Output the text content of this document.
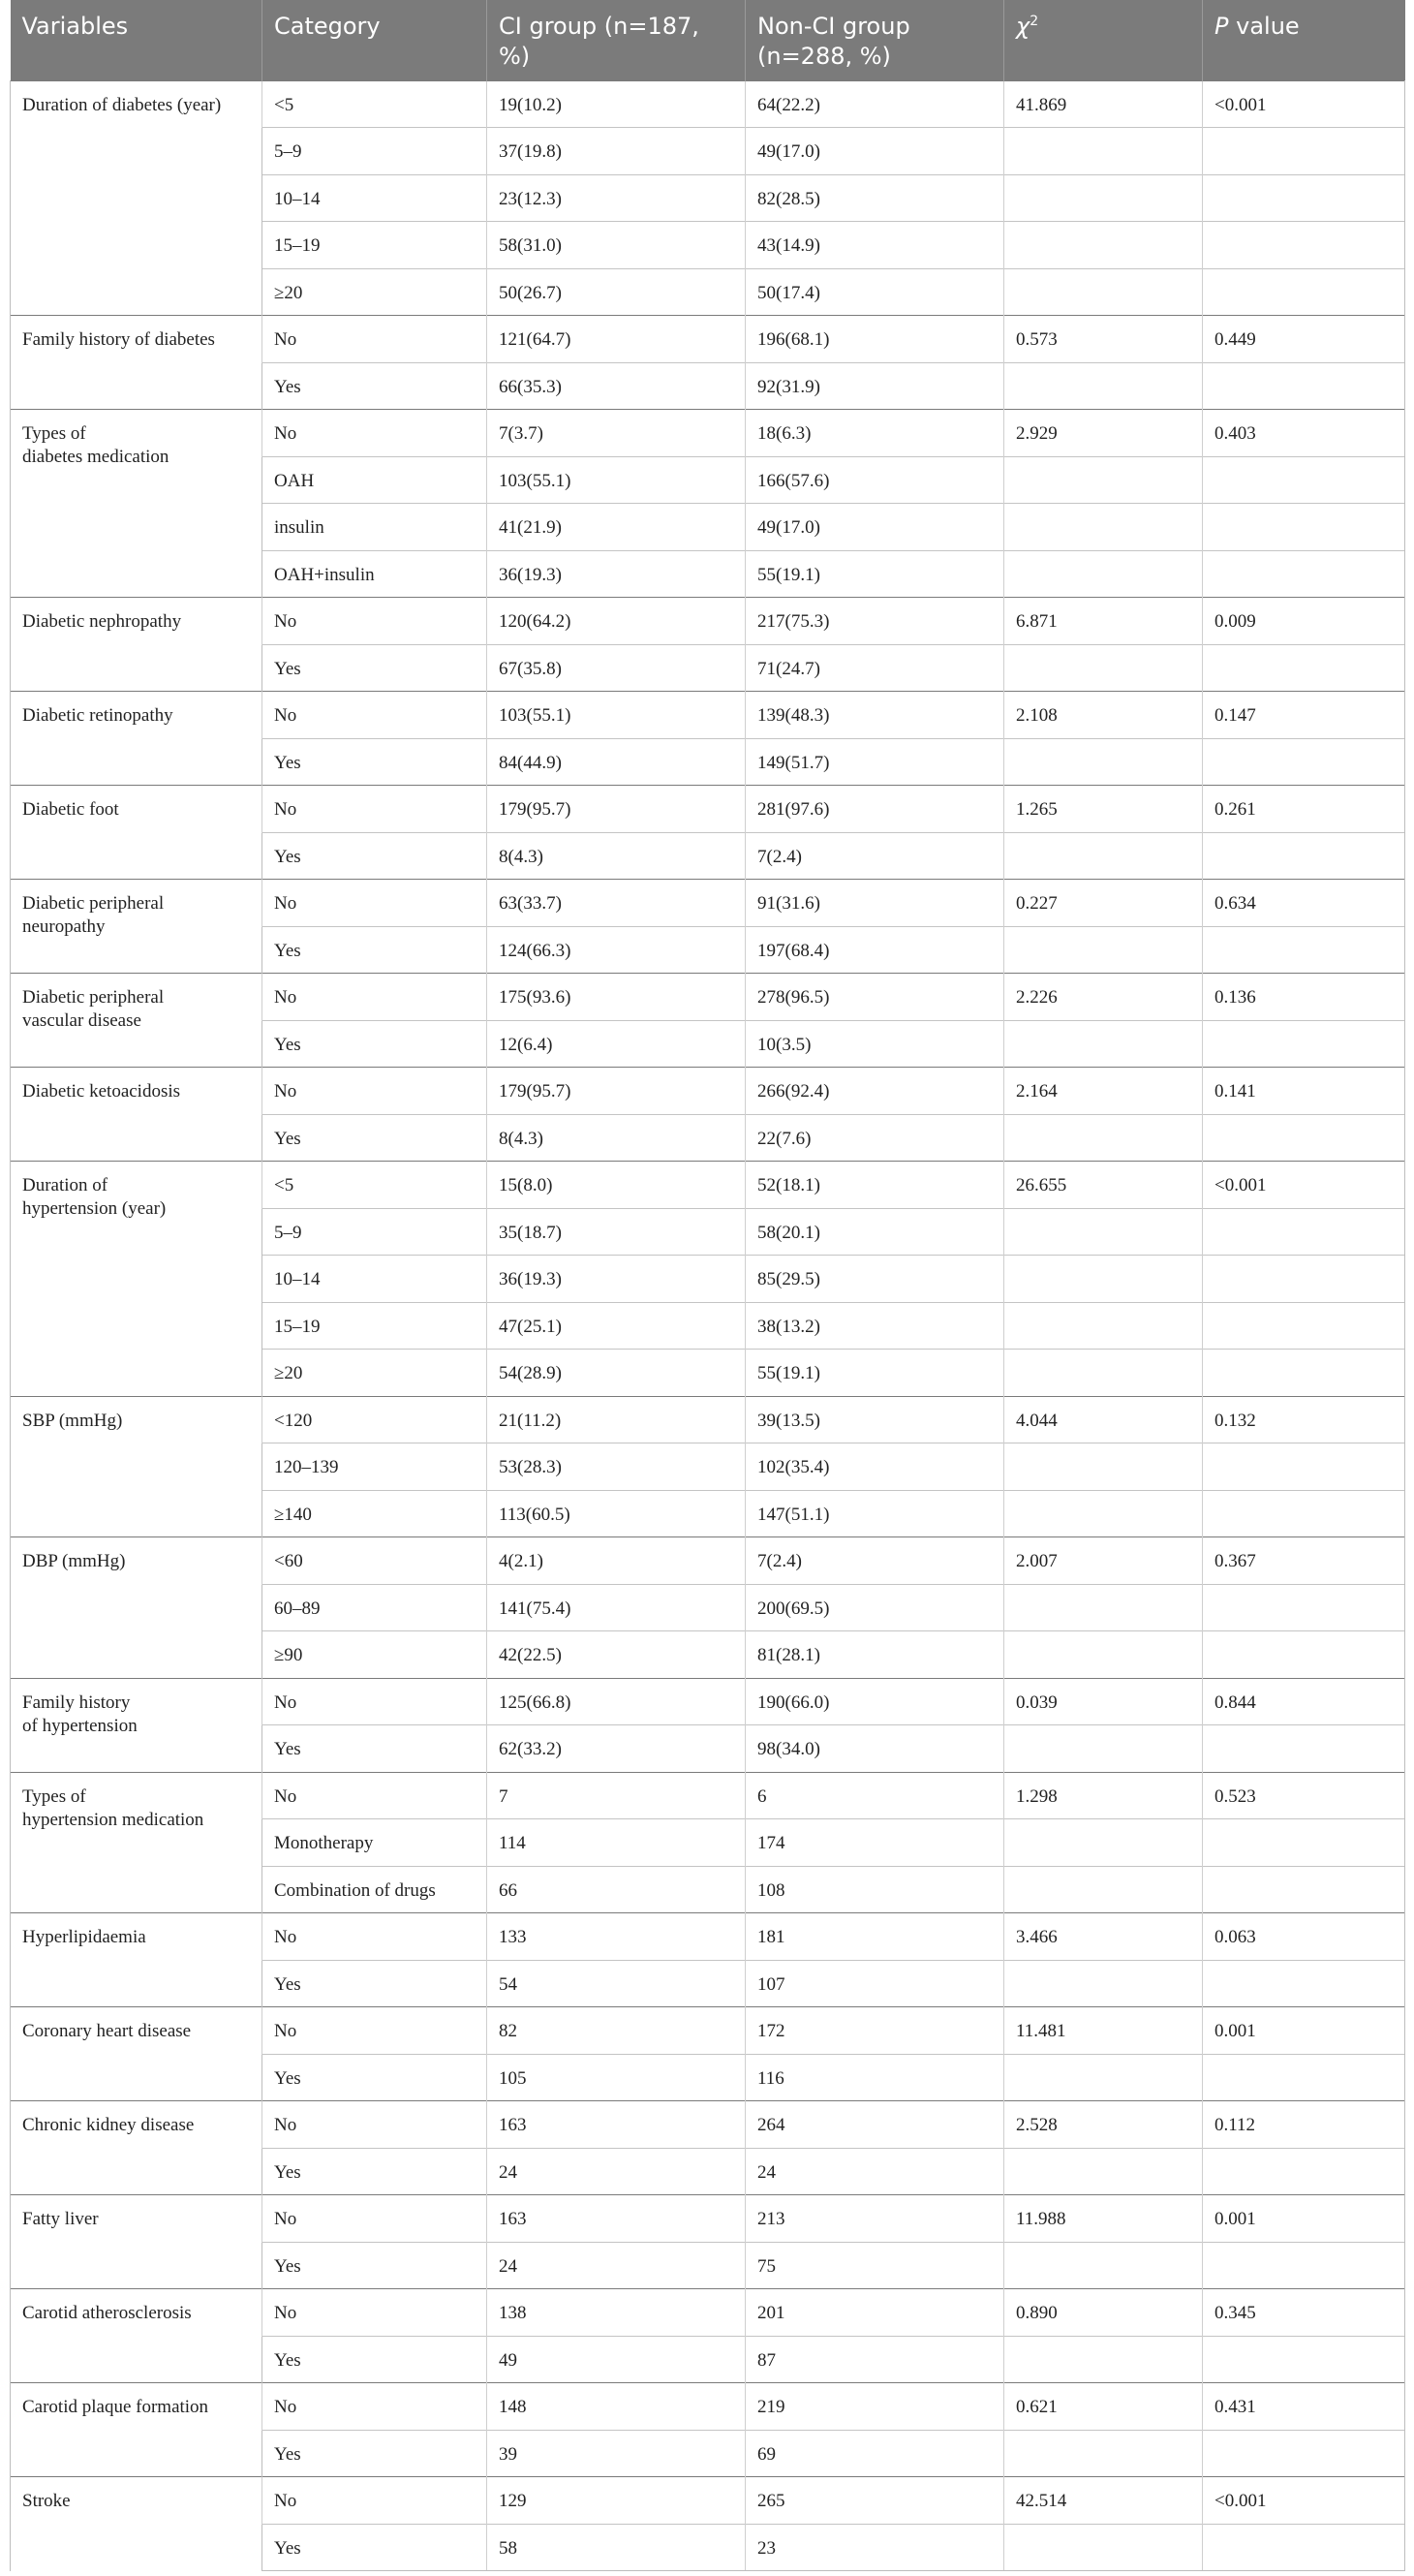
Variables	Category	CI group (n=187, %)	Non-CI group
(n=288, %)	$\chi^2$	P value
Duration of diabetes (year)	<5	19(10.2)	64(22.2)	41.869	<0.001
	5–9	37(19.8)	49(17.0)		
	10–14	23(12.3)	82(28.5)		
	15–19	58(31.0)	43(14.9)		
	≥20	50(26.7)	50(17.4)		
Family history of diabetes	No	121(64.7)	196(68.1)	0.573	0.449
	Yes	66(35.3)	92(31.9)		
Types of
diabetes medication	No	7(3.7)	18(6.3)	2.929	0.403
	OAH	103(55.1)	166(57.6)		
	insulin	41(21.9)	49(17.0)		
	OAH+insulin	36(19.3)	55(19.1)		
Diabetic nephropathy	No	120(64.2)	217(75.3)	6.871	0.009
	Yes	67(35.8)	71(24.7)		
Diabetic retinopathy	No	103(55.1)	139(48.3)	2.108	0.147
	Yes	84(44.9)	149(51.7)		
Diabetic foot	No	179(95.7)	281(97.6)	1.265	0.261
	Yes	8(4.3)	7(2.4)		
Diabetic peripheral
neuropathy	No	63(33.7)	91(31.6)	0.227	0.634
	Yes	124(66.3)	197(68.4)		
Diabetic peripheral
vascular disease	No	175(93.6)	278(96.5)	2.226	0.136
	Yes	12(6.4)	10(3.5)		
Diabetic ketoacidosis	No	179(95.7)	266(92.4)	2.164	0.141
	Yes	8(4.3)	22(7.6)		
Duration of
hypertension (year)	<5	15(8.0)	52(18.1)	26.655	<0.001
	5–9	35(18.7)	58(20.1)		
	10–14	36(19.3)	85(29.5)		
	15–19	47(25.1)	38(13.2)		
	≥20	54(28.9)	55(19.1)		
SBP (mmHg)	<120	21(11.2)	39(13.5)	4.044	0.132
	120–139	53(28.3)	102(35.4)		
	≥140	113(60.5)	147(51.1)		
DBP (mmHg)	<60	4(2.1)	7(2.4)	2.007	0.367
	60–89	141(75.4)	200(69.5)		
	≥90	42(22.5)	81(28.1)		
Family history
of hypertension	No	125(66.8)	190(66.0)	0.039	0.844
	Yes	62(33.2)	98(34.0)		
Types of
hypertension medication	No	7	6	1.298	0.523
	Monotherapy	114	174		
	Combination of drugs	66	108		
Hyperlipidaemia	No	133	181	3.466	0.063
	Yes	54	107		
Coronary heart disease	No	82	172	11.481	0.001
	Yes	105	116		
Chronic kidney disease	No	163	264	2.528	0.112
	Yes	24	24		
Fatty liver	No	163	213	11.988	0.001
	Yes	24	75		
Carotid atherosclerosis	No	138	201	0.890	0.345
	Yes	49	87		
Carotid plaque formation	No	148	219	0.621	0.431
	Yes	39	69		
Stroke	No	129	265	42.514	<0.001
	Yes	58	23		
